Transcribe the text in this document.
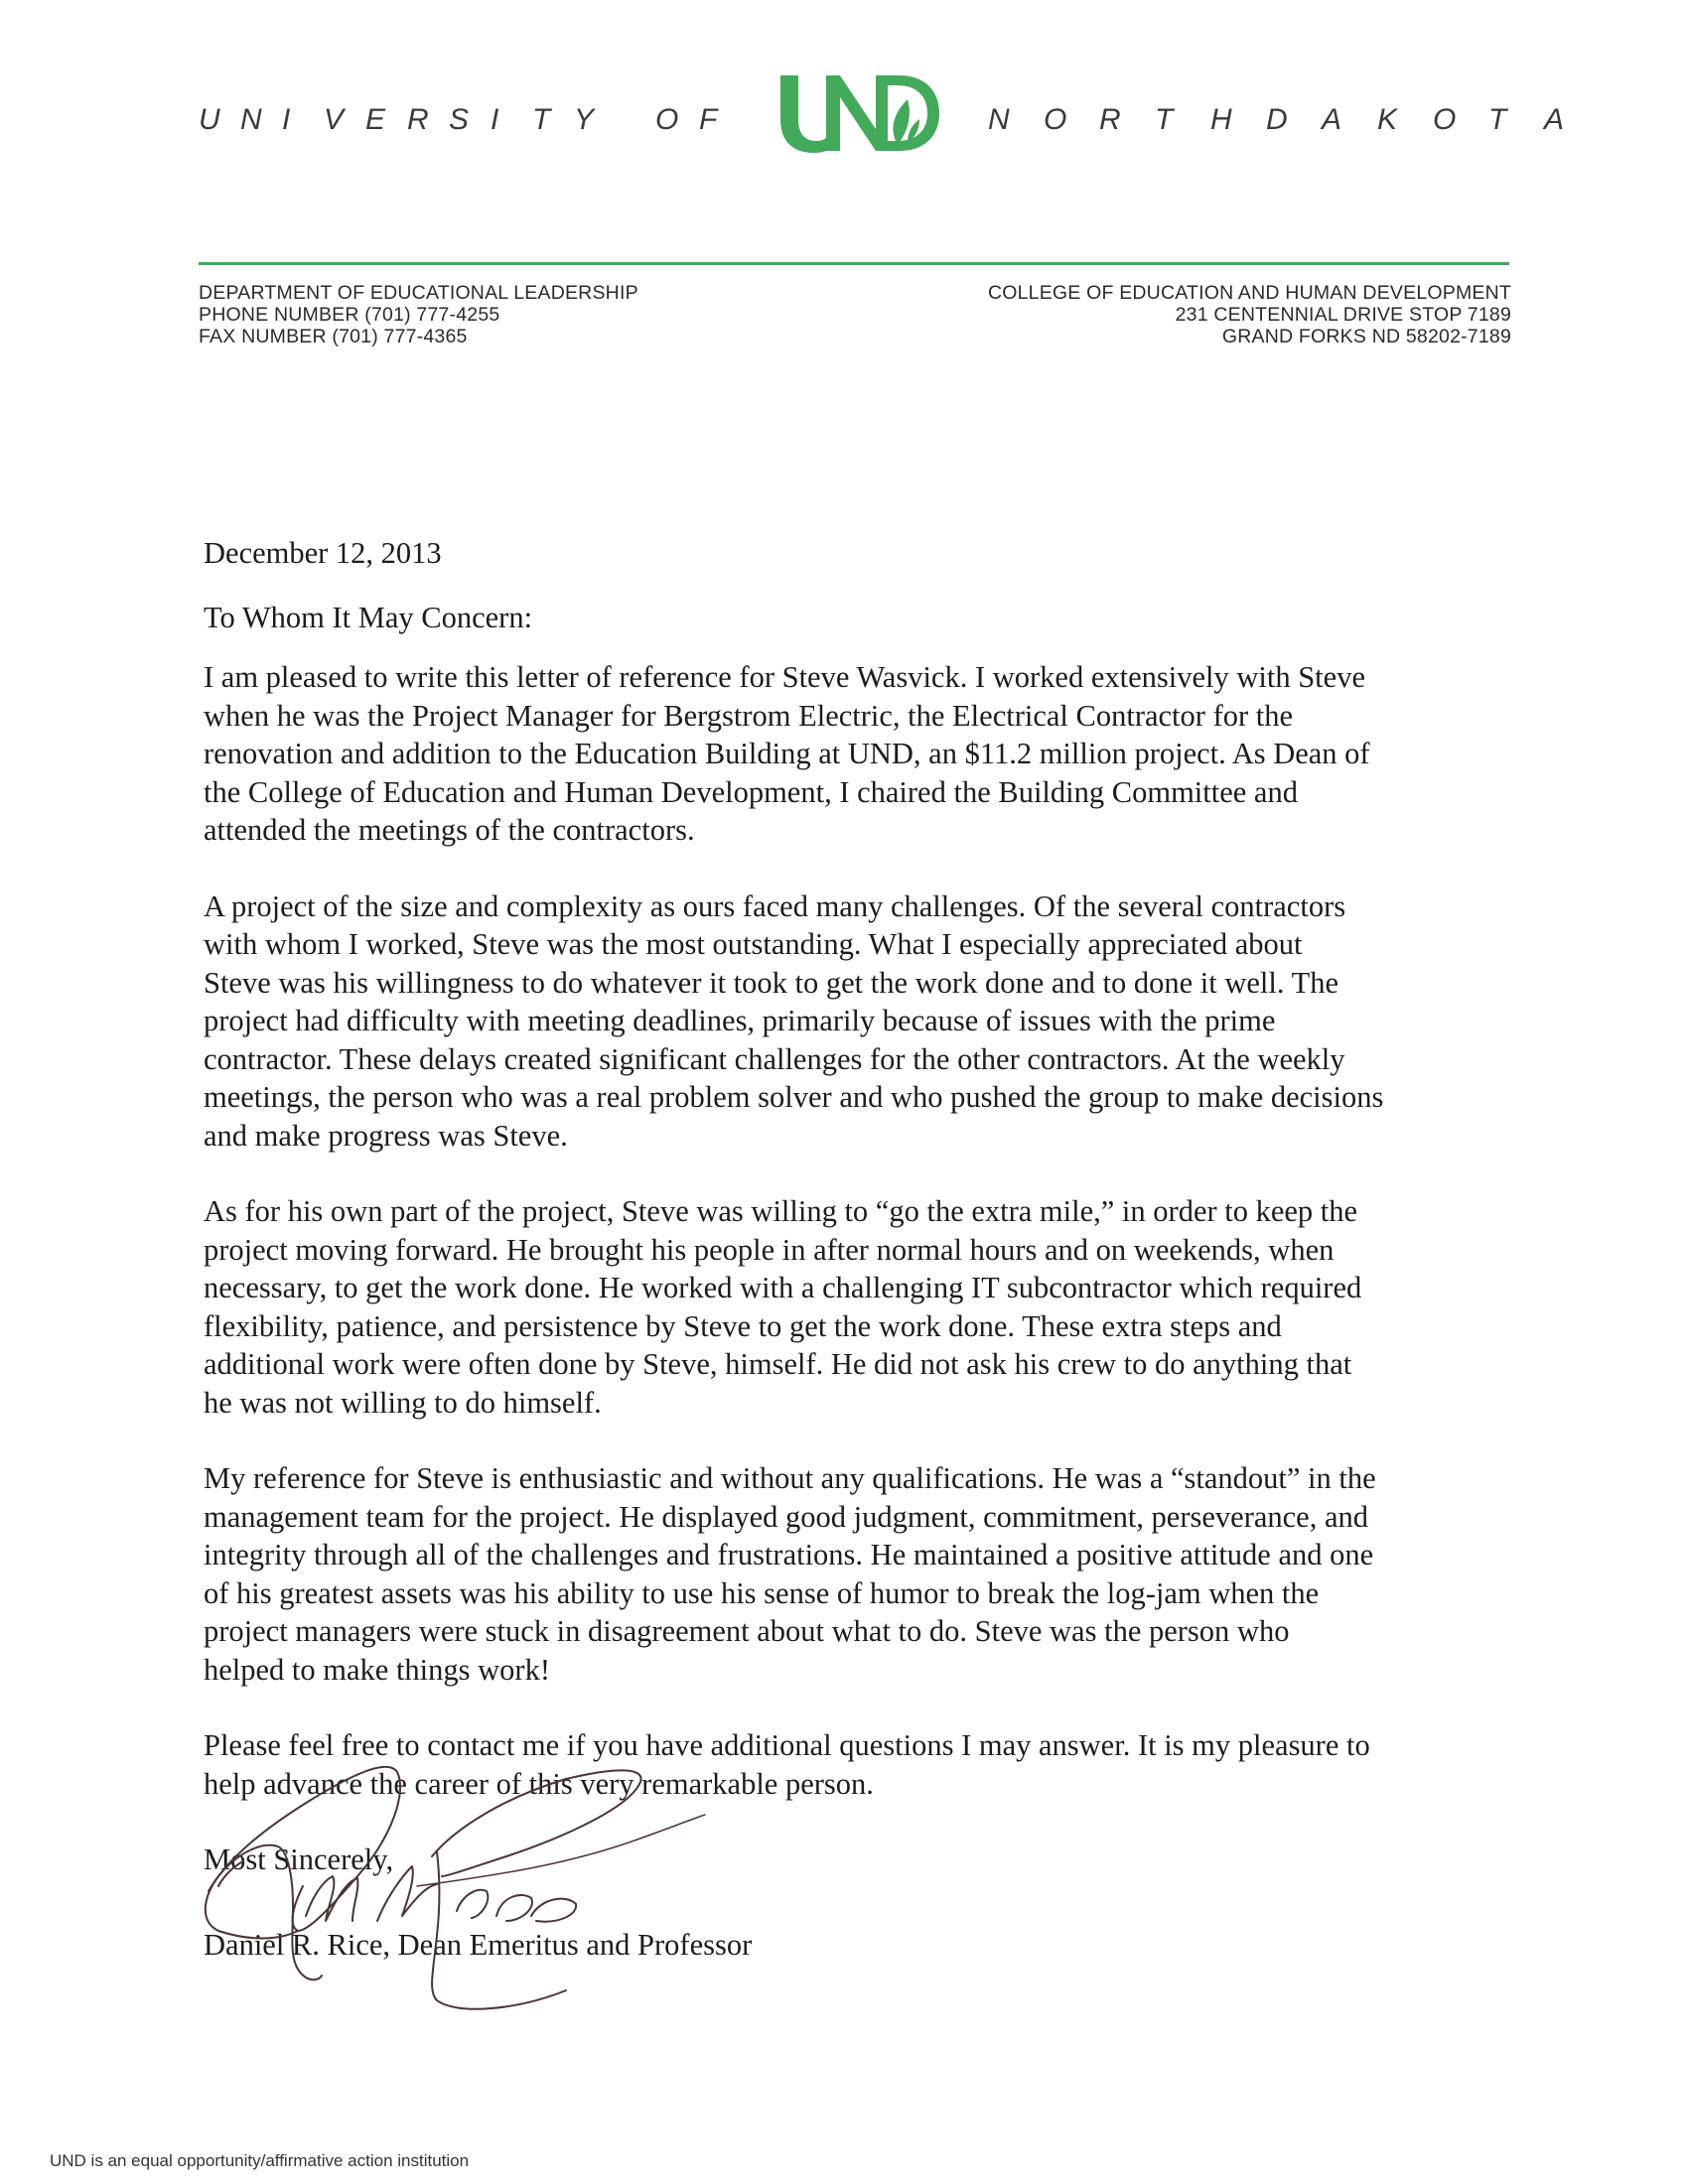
U N I V E R S I T Y	O F	N O R T H	D A K O T A
DEPARTMENT OF EDUCATIONAL LEADERSHIP
PHONE NUMBER (701) 777-4255
FAX NUMBER (701) 777-4365
COLLEGE OF EDUCATION AND HUMAN DEVELOPMENT
231 CENTENNIAL DRIVE STOP 7189
GRAND FORKS ND 58202-7189

December 12, 2013

To Whom It May Concern:

I am pleased to write this letter of reference for Steve Wasvick. I worked extensively with Steve
when he was the Project Manager for Bergstrom Electric, the Electrical Contractor for the
renovation and addition to the Education Building at UND, an $11.2 million project. As Dean of
the College of Education and Human Development, I chaired the Building Committee and
attended the meetings of the contractors.

A project of the size and complexity as ours faced many challenges. Of the several contractors
with whom I worked, Steve was the most outstanding. What I especially appreciated about
Steve was his willingness to do whatever it took to get the work done and to done it well. The
project had difficulty with meeting deadlines, primarily because of issues with the prime
contractor. These delays created significant challenges for the other contractors. At the weekly
meetings, the person who was a real problem solver and who pushed the group to make decisions
and make progress was Steve.

As for his own part of the project, Steve was willing to “go the extra mile,” in order to keep the
project moving forward. He brought his people in after normal hours and on weekends, when
necessary, to get the work done. He worked with a challenging IT subcontractor which required
flexibility, patience, and persistence by Steve to get the work done. These extra steps and
additional work were often done by Steve, himself. He did not ask his crew to do anything that
he was not willing to do himself.

My reference for Steve is enthusiastic and without any qualifications. He was a “standout” in the
management team for the project. He displayed good judgment, commitment, perseverance, and
integrity through all of the challenges and frustrations. He maintained a positive attitude and one
of his greatest assets was his ability to use his sense of humor to break the log-jam when the
project managers were stuck in disagreement about what to do. Steve was the person who
helped to make things work!

Please feel free to contact me if you have additional questions I may answer. It is my pleasure to
help advance the career of this very remarkable person.

Most Sincerely,

Daniel R. Rice, Dean Emeritus and Professor
UND is an equal opportunity/affirmative action institution
